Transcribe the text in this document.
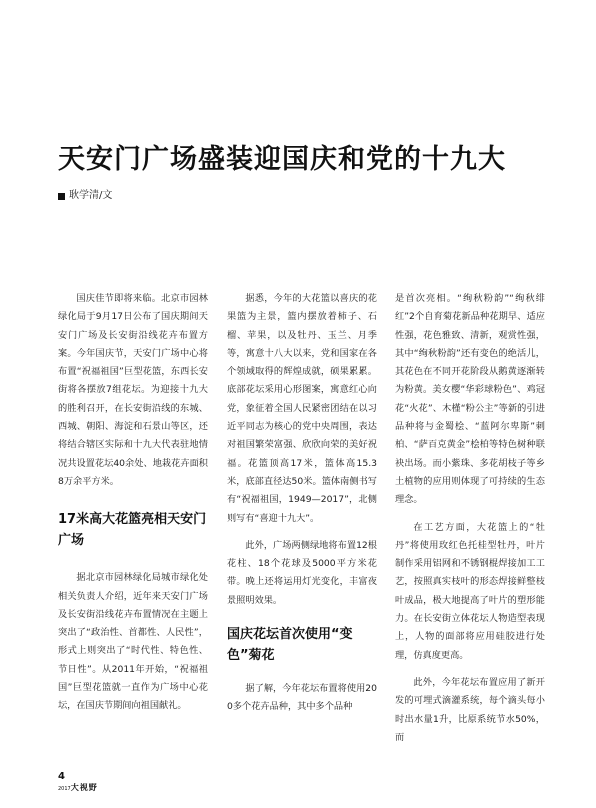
天安门广场盛装迎国庆和党的十九大
耿学清/文

国庆佳节即将来临。北京市园林绿化局于9月17日公布了国庆期间天安门广场及长安街沿线花卉布置方案。今年国庆节，天安门广场中心将布置“祝福祖国”巨型花篮，东西长安街将各摆放7组花坛。为迎接十九大的胜利召开，在长安街沿线的东城、西城、朝阳、海淀和石景山等区，还将结合辖区实际和十九大代表驻地情况共设置花坛40余处、地栽花卉面积8万余平方米。

17米高大花篮亮相天安门广场

据北京市园林绿化局城市绿化处相关负责人介绍，近年来天安门广场及长安街沿线花卉布置情况在主题上突出了“政治性、首都性、人民性”，形式上则突出了“时代性、特色性、节日性”。从2011年开始，“祝福祖国”巨型花篮就一直作为广场中心花坛，在国庆节期间向祖国献礼。

据悉，今年的大花篮以喜庆的花果篮为主景，篮内摆放着柿子、石榴、苹果，以及牡丹、玉兰、月季等，寓意十八大以来，党和国家在各个领域取得的辉煌成就，硕果累累。底部花坛采用心形图案，寓意红心向党，象征着全国人民紧密团结在以习近平同志为核心的党中央周围，表达对祖国繁荣富强、欣欣向荣的美好祝福。花篮顶高17米，篮体高15.3米，底部直径达50米。篮体南侧书写有“祝福祖国，1949—2017”，北侧则写有“喜迎十九大”。

此外，广场两侧绿地将布置12根花柱、18个花球及5000平方米花带。晚上还将运用灯光变化，丰富夜景照明效果。

国庆花坛首次使用“变色”菊花

据了解，今年花坛布置将使用200多个花卉品种，其中多个品种

是首次亮相。“绚秋粉韵”“绚秋绯红”2个自育菊花新品种花期早、适应性强，花色雅致、清新，观赏性强，其中“绚秋粉韵”还有变色的绝活儿，其花色在不同开花阶段从鹅黄逐渐转为粉黄。美女樱“华彩球粉色”、鸡冠花“火花”、木槿“粉公主”等新的引进品种将与金蜀桧、“蓝阿尔卑斯”刺柏、“萨百克黄金”桧柏等特色树种联袂出场。而小紫珠、多花胡枝子等乡土植物的应用则体现了可持续的生态理念。

在工艺方面，大花篮上的“牡丹”将使用玫红色托桂型牡丹，叶片制作采用铝网和不锈钢棍焊接加工工艺，按照真实枝叶的形态焊接鲜整枝叶成品，极大地提高了叶片的塑形能力。在长安街立体花坛人物造型表现上，人物的面部将应用硅胶进行处理，仿真度更高。

此外，今年花坛布置应用了新开发的可埋式滴灌系统，每个滴头每小时出水量1升，比原系统节水50%，而

4
2017大视野
